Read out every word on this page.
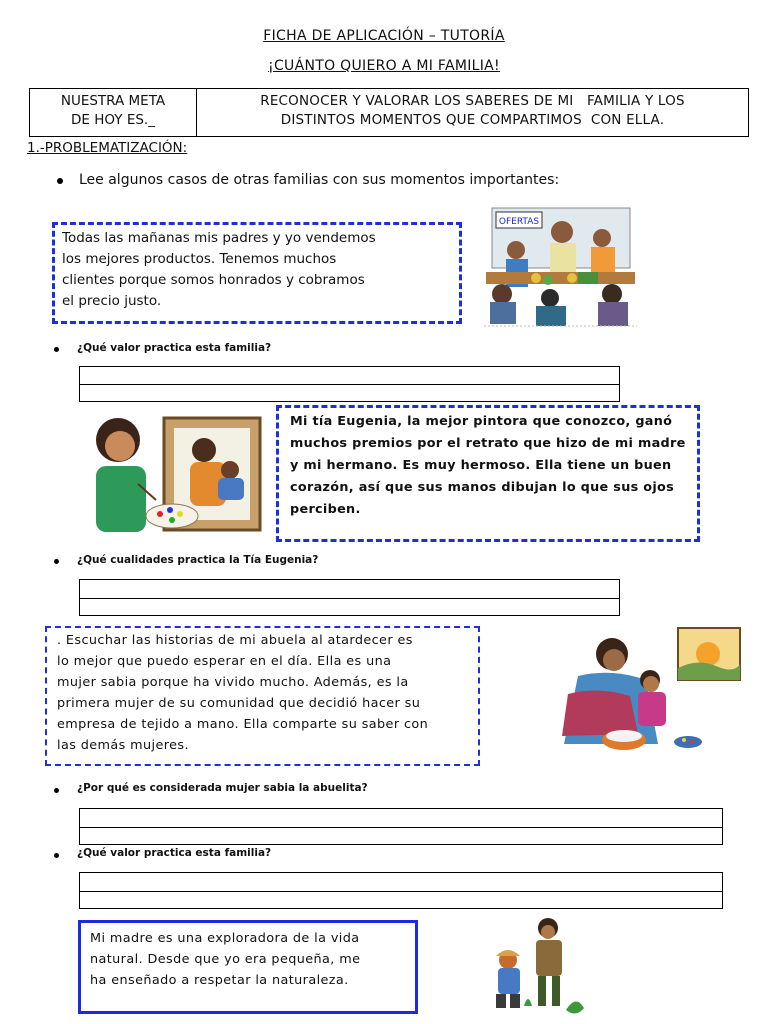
FICHA DE APLICACIÓN – TUTORÍA
¡CUÁNTO QUIERO A MI FAMILIA!
NUESTRA META
DE HOY ES._
RECONOCER Y VALORAR LOS SABERES DE MI   FAMILIA Y LOS
DISTINTOS MOMENTOS QUE COMPARTIMOS  CON ELLA.
1.-PROBLEMATIZACIÓN:
Lee algunos casos de otras familias con sus momentos importantes:
Todas las mañanas mis padres y yo vendemos
los mejores productos. Tenemos muchos
clientes porque somos honrados y cobramos
el precio justo.
OFERTAS
¿Qué valor practica esta familia?
Mi tía Eugenia, la mejor pintora que conozco, ganó
muchos premios por el retrato que hizo de mi madre
y mi hermano. Es muy hermoso. Ella tiene un buen
corazón, así que sus manos dibujan lo que sus ojos
perciben.
¿Qué cualidades practica la Tía Eugenia?
. Escuchar las historias de mi abuela al atardecer es
lo mejor que puedo esperar en el día. Ella es una
mujer sabia porque ha vivido mucho. Además, es la
primera mujer de su comunidad que decidió hacer su
empresa de tejido a mano. Ella comparte su saber con
las demás mujeres.
¿Por qué es considerada mujer sabia la abuelita?
¿Qué valor practica esta familia?
Mi madre es una exploradora de la vida
natural. Desde que yo era pequeña, me
ha enseñado a respetar la naturaleza.
